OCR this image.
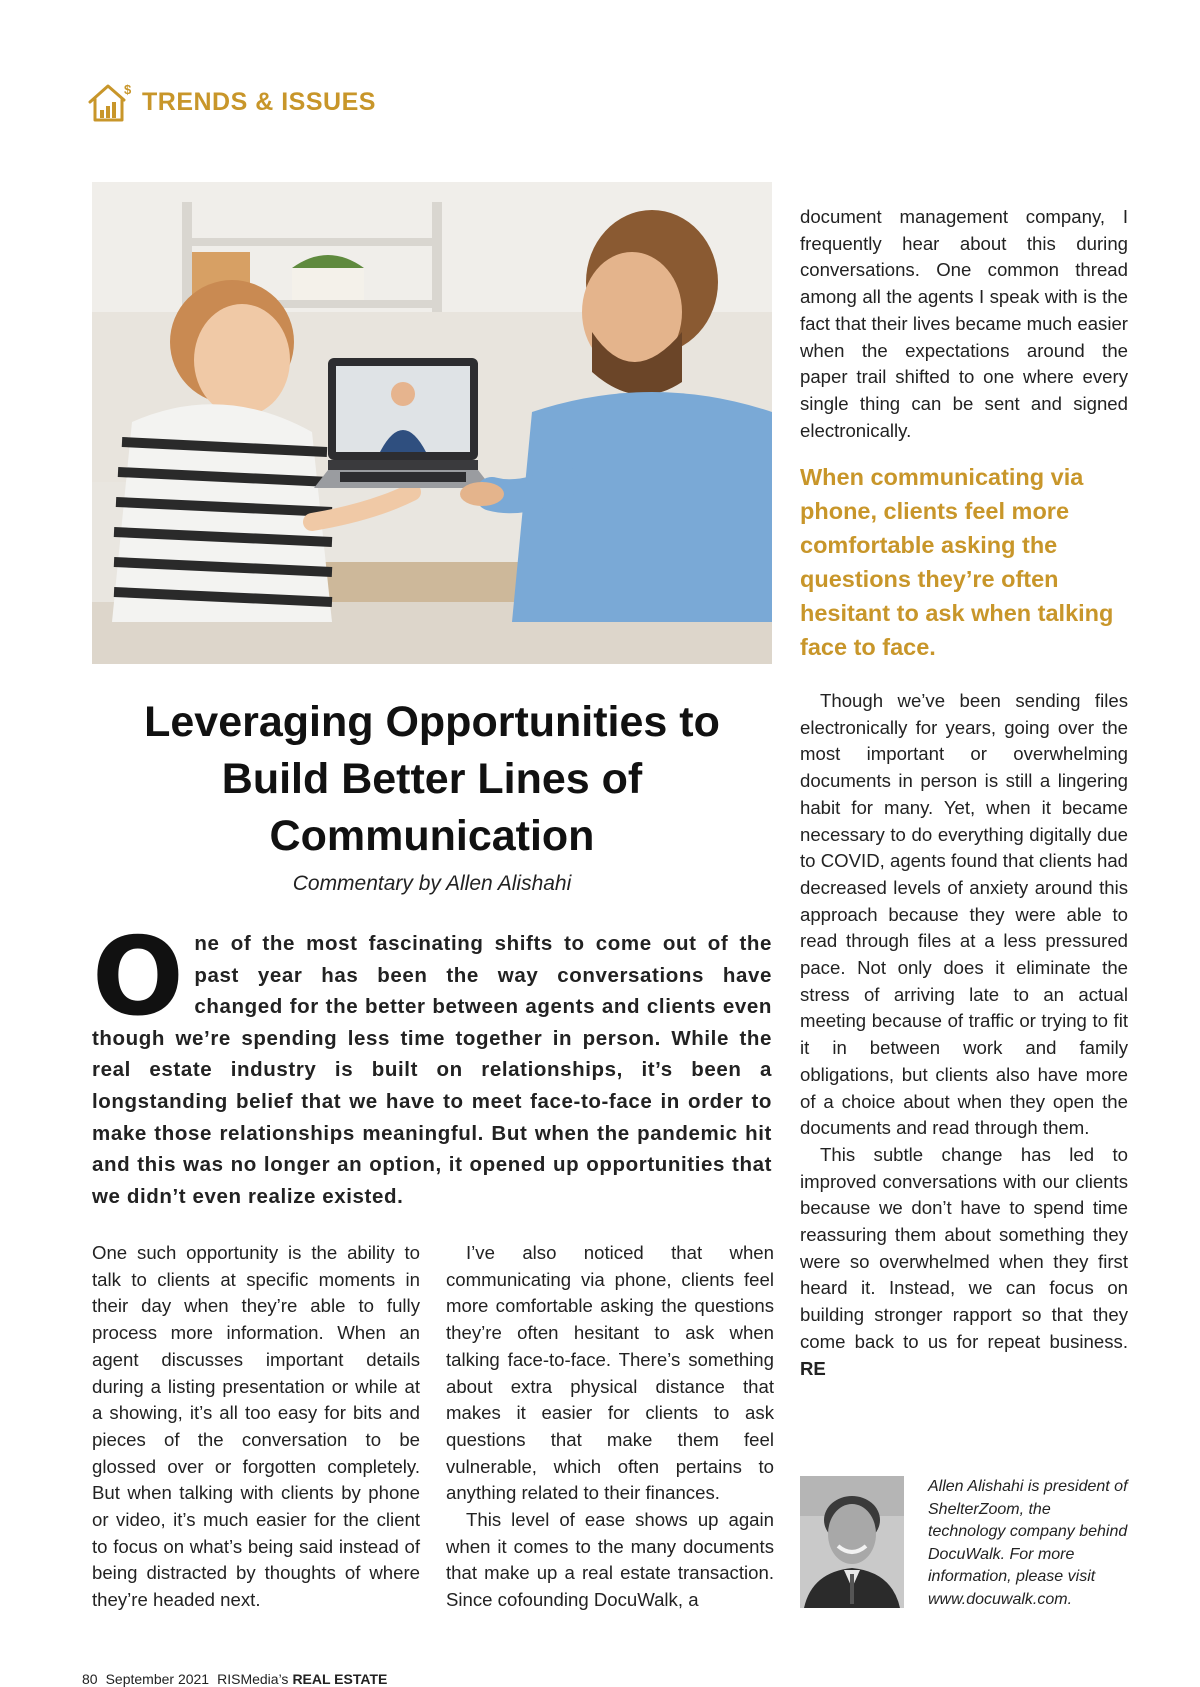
$ TRENDS & ISSUES
Leveraging Opportunities to Build Better Lines of Communication
Commentary by Allen Alishahi

One of the most fascinating shifts to come out of the past year has been the way conversations have changed for the better between agents and clients even though we’re spending less time together in person. While the real estate industry is built on relationships, it’s been a longstanding belief that we have to meet face-to-face in order to make those relationships meaningful. But when the pandemic hit and this was no longer an option, it opened up opportunities that we didn’t even realize existed.

One such opportunity is the ability to talk to clients at specific moments in their day when they’re able to fully process more information. When an agent discusses important details during a listing presentation or while at a showing, it’s all too easy for bits and pieces of the conversation to be glossed over or forgotten completely. But when talking with clients by phone or video, it’s much easier for the client to focus on what’s being said instead of being distracted by thoughts of where they’re headed next.

I’ve also noticed that when communicating via phone, clients feel more comfortable asking the questions they’re often hesitant to ask when talking face-to-face. There’s something about extra physical distance that makes it easier for clients to ask questions that make them feel vulnerable, which often pertains to anything related to their finances.

This level of ease shows up again when it comes to the many documents that make up a real estate transaction. Since cofounding DocuWalk, a

document management company, I frequently hear about this during conversations. One common thread among all the agents I speak with is the fact that their lives became much easier when the expectations around the paper trail shifted to one where every single thing can be sent and signed electronically.

When communicating via phone, clients feel more comfortable asking the questions they’re often hesitant to ask when talking face to face.

Though we’ve been sending files electronically for years, going over the most important or overwhelming documents in person is still a lingering habit for many. Yet, when it became necessary to do everything digitally due to COVID, agents found that clients had decreased levels of anxiety around this approach because they were able to read through files at a less pressured pace. Not only does it eliminate the stress of arriving late to an actual meeting because of traffic or trying to fit it in between work and family obligations, but clients also have more of a choice about when they open the documents and read through them.

This subtle change has led to improved conversations with our clients because we don’t have to spend time reassuring them about something they were so overwhelmed when they first heard it. Instead, we can focus on building stronger rapport so that they come back to us for repeat business. RE

Allen Alishahi is president of ShelterZoom, the technology company behind DocuWalk. For more information, please visit www.docuwalk.com.

80 September 2021 RISMedia’s REAL ESTATE
